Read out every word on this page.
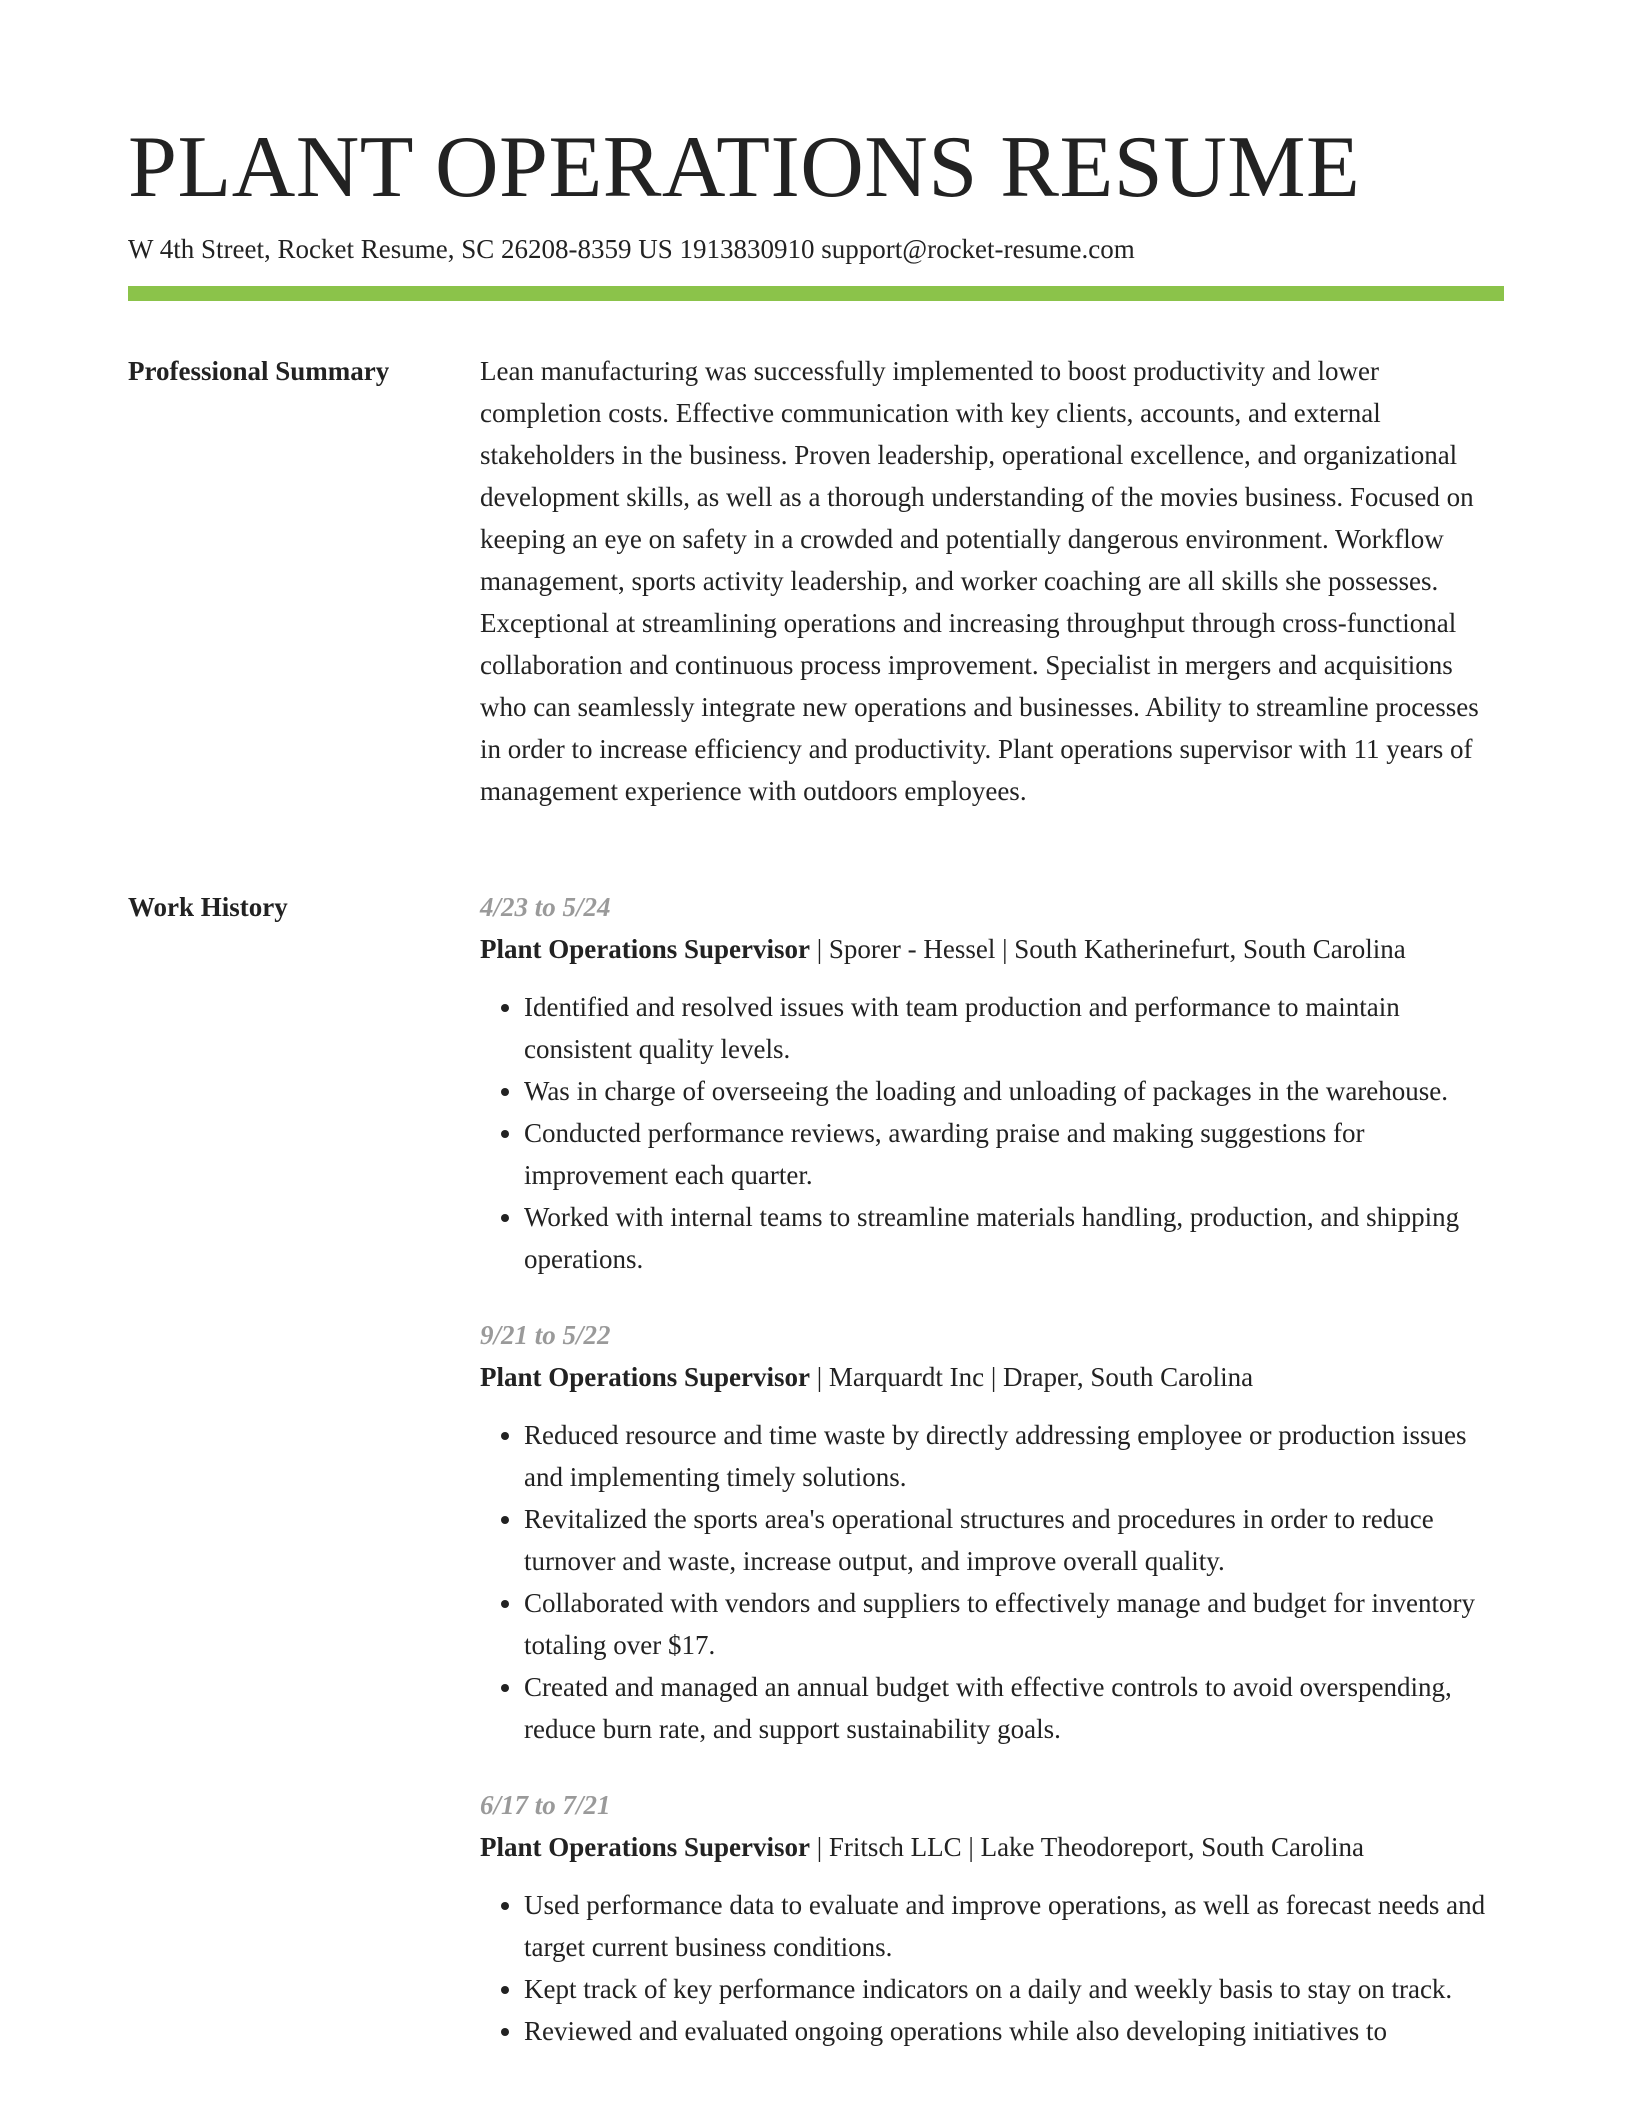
PLANT OPERATIONS RESUME
W 4th Street, Rocket Resume, SC 26208-8359 US 1913830910 support@rocket-resume.com
Professional Summary	Lean manufacturing was successfully implemented to boost productivity and lower completion costs. Effective communication with key clients, accounts, and external stakeholders in the business. Proven leadership, operational excellence, and organizational development skills, as well as a thorough understanding of the movies business. Focused on keeping an eye on safety in a crowded and potentially dangerous environment. Workflow management, sports activity leadership, and worker coaching are all skills she possesses. Exceptional at streamlining operations and increasing throughput through cross-functional collaboration and continuous process improvement. Specialist in mergers and acquisitions who can seamlessly integrate new operations and businesses. Ability to streamline processes in order to increase efficiency and productivity. Plant operations supervisor with 11 years of management experience with outdoors employees.

Work History	4/23 to 5/24
Plant Operations Supervisor | Sporer - Hessel | South Katherinefurt, South Carolina
• Identified and resolved issues with team production and performance to maintain consistent quality levels.
• Was in charge of overseeing the loading and unloading of packages in the warehouse.
• Conducted performance reviews, awarding praise and making suggestions for improvement each quarter.
• Worked with internal teams to streamline materials handling, production, and shipping operations.
9/21 to 5/22
Plant Operations Supervisor | Marquardt Inc | Draper, South Carolina
• Reduced resource and time waste by directly addressing employee or production issues and implementing timely solutions.
• Revitalized the sports area's operational structures and procedures in order to reduce turnover and waste, increase output, and improve overall quality.
• Collaborated with vendors and suppliers to effectively manage and budget for inventory totaling over $17.
• Created and managed an annual budget with effective controls to avoid overspending, reduce burn rate, and support sustainability goals.
6/17 to 7/21
Plant Operations Supervisor | Fritsch LLC | Lake Theodoreport, South Carolina
• Used performance data to evaluate and improve operations, as well as forecast needs and target current business conditions.
• Kept track of key performance indicators on a daily and weekly basis to stay on track.
• Reviewed and evaluated ongoing operations while also developing initiatives to
